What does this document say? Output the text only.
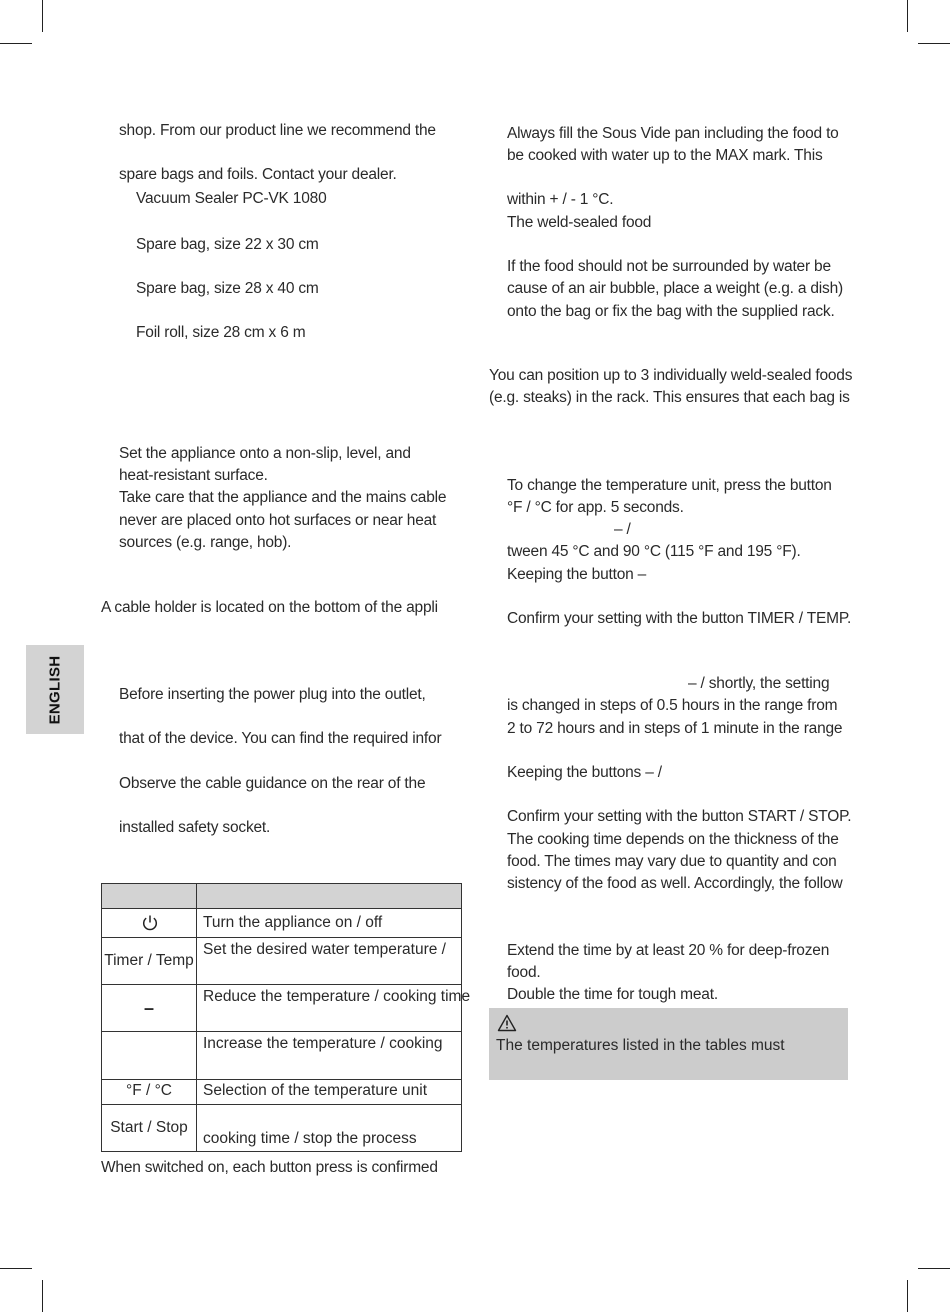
ENGLISH
shop. From our product line we recommend the
spare bags and foils. Contact your dealer.
Vacuum Sealer PC-VK 1080
Spare bag, size 22 x 30 cm
Spare bag, size 28 x 40 cm
Foil roll, size 28 cm x 6 m
Set the appliance onto a non-slip, level, and
heat-resistant surface.
Take care that the appliance and the mains cable
never are placed onto hot surfaces or near heat
sources (e.g. range, hob).
A cable holder is located on the bottom of the appli
Before inserting the power plug into the outlet,
that of the device. You can find the required infor
Observe the cable guidance on the rear of the
installed safety socket.
Turn the appliance on / off
Timer / Temp
Set the desired water temperature /
–
Reduce the temperature / cooking time
Increase the temperature / cooking
°F / °C	Selection of the temperature unit
Start / Stop
cooking time / stop the process
When switched on, each button press is confirmed
Always fill the Sous Vide pan including the food to
be cooked with water up to the MAX mark. This
within + / - 1 °C.
The weld-sealed food
If the food should not be surrounded by water be
cause of an air bubble, place a weight (e.g. a dish)
onto the bag or fix the bag with the supplied rack.
You can position up to 3 individually weld-sealed foods
(e.g. steaks) in the rack. This ensures that each bag is
To change the temperature unit, press the button
°F / °C for app. 5 seconds.
– /
tween 45 °C and 90 °C (115 °F and 195 °F).
Keeping the button –
Confirm your setting with the button TIMER / TEMP.
– / shortly, the setting
is changed in steps of 0.5 hours in the range from
2 to 72 hours and in steps of 1 minute in the range
Keeping the buttons – /
Confirm your setting with the button START / STOP.
The cooking time depends on the thickness of the
food. The times may vary due to quantity and con
sistency of the food as well. Accordingly, the follow
Extend the time by at least 20 % for deep-frozen
food.
Double the time for tough meat.
The temperatures listed in the tables must
